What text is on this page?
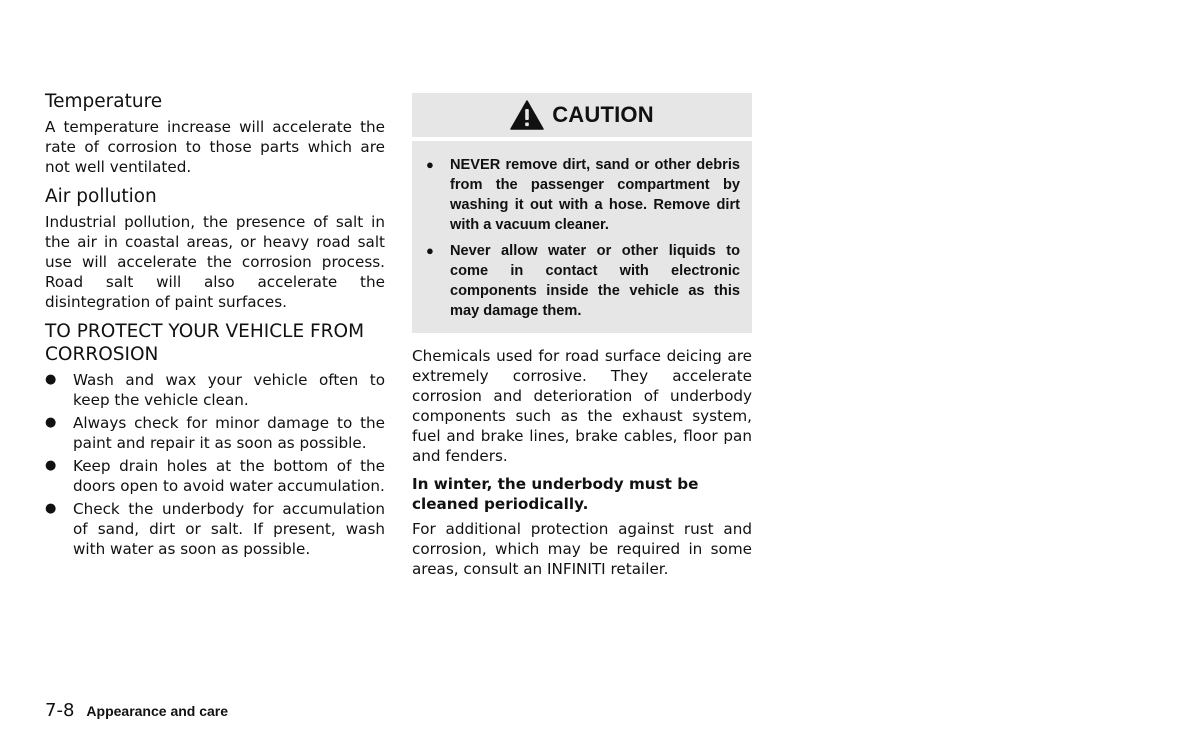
Temperature

A temperature increase will accelerate the rate of corrosion to those parts which are not well ventilated.

Air pollution

Industrial pollution, the presence of salt in the air in coastal areas, or heavy road salt use will accelerate the corrosion process. Road salt will also accelerate the disintegration of paint surfaces.

TO PROTECT YOUR VEHICLE FROM
CORROSION
●	Wash and wax your vehicle often to keep the vehicle clean.
●	Always check for minor damage to the paint and repair it as soon as possible.
●	Keep drain holes at the bottom of the doors open to avoid water accumulation.
●	Check the underbody for accumulation of sand, dirt or salt. If present, wash with water as soon as possible.
CAUTION
● NEVER remove dirt, sand or other debris from the passenger compartment by washing it out with a hose. Remove dirt with a vacuum cleaner.
● Never allow water or other liquids to come in contact with electronic components inside the vehicle as this may damage them.

Chemicals used for road surface deicing are extremely corrosive. They accelerate corrosion and deterioration of underbody components such as the exhaust system, fuel and brake lines, brake cables, floor pan and fenders.

In winter, the underbody must be cleaned periodically.

For additional protection against rust and corrosion, which may be required in some areas, consult an INFINITI retailer.

7-8 Appearance and care
